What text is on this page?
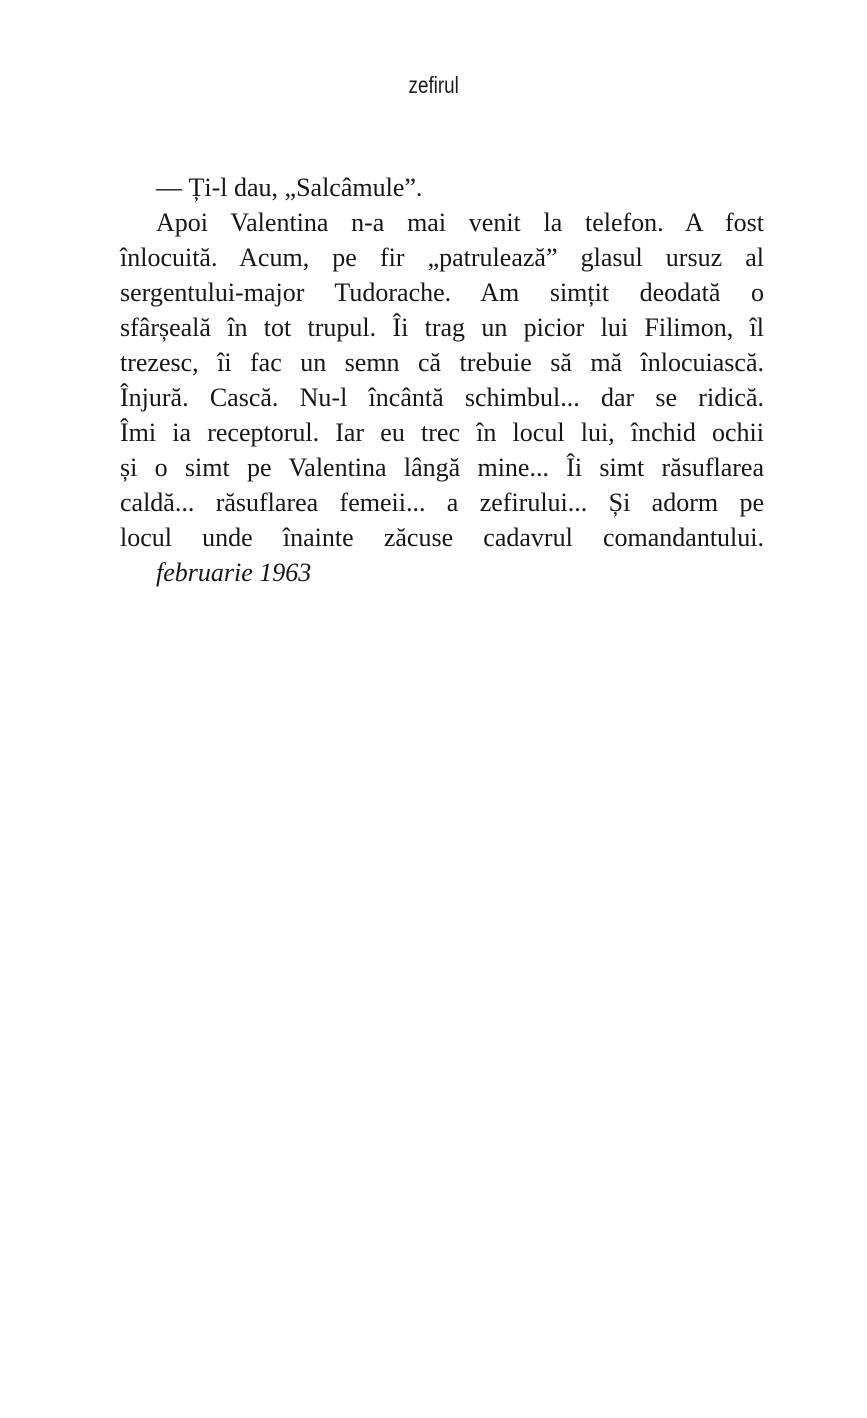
zefirul
— Ți-l dau, „Salcâmule”.
Apoi Valentina n-a mai venit la telefon. A fost
înlocuită. Acum, pe fir „patrulează” glasul ursuz al
sergentului-major Tudorache. Am simțit deodată o
sfârșeală în tot trupul. Îi trag un picior lui Filimon, îl
trezesc, îi fac un semn că trebuie să mă înlocuiască.
Înjură. Cască. Nu-l încântă schimbul... dar se ridică.
Îmi ia receptorul. Iar eu trec în locul lui, închid ochii
și o simt pe Valentina lângă mine... Îi simt răsuflarea
caldă... răsuflarea femeii... a zefirului... Și adorm pe
locul unde înainte zăcuse cadavrul comandantului.
februarie 1963
